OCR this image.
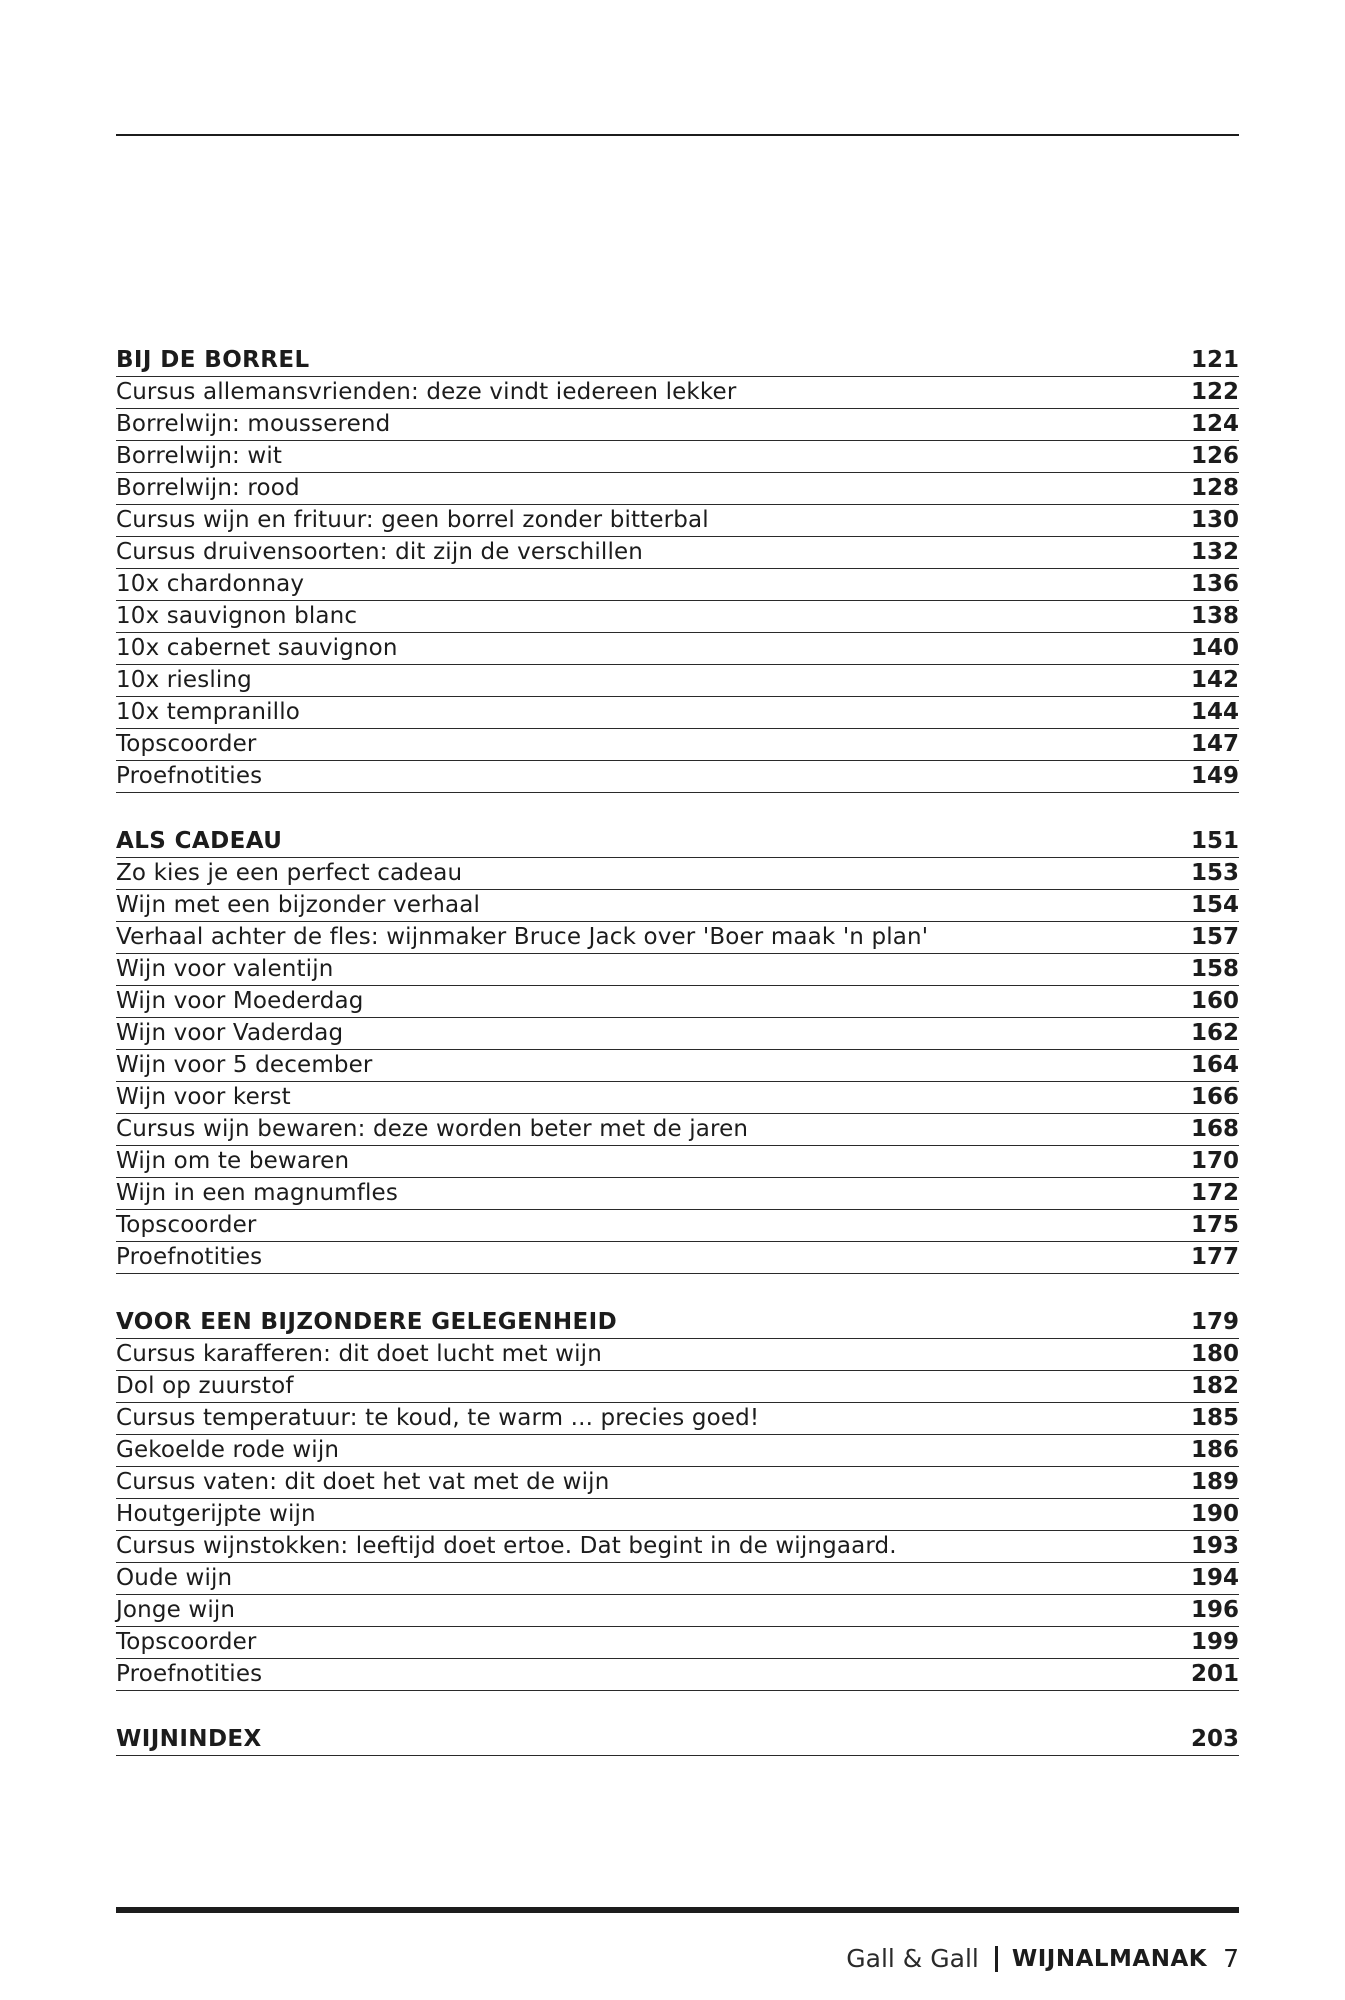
BIJ DE BORREL	121
Cursus allemansvrienden: deze vindt iedereen lekker	122
Borrelwijn: mousserend	124
Borrelwijn: wit	126
Borrelwijn: rood	128
Cursus wijn en frituur: geen borrel zonder bitterbal	130
Cursus druivensoorten: dit zijn de verschillen	132
10x chardonnay	136
10x sauvignon blanc	138
10x cabernet sauvignon	140
10x riesling	142
10x tempranillo	144
Topscoorder	147
Proefnotities	149
ALS CADEAU	151
Zo kies je een perfect cadeau	153
Wijn met een bijzonder verhaal	154
Verhaal achter de fles: wijnmaker Bruce Jack over 'Boer maak 'n plan'	157
Wijn voor valentijn	158
Wijn voor Moederdag	160
Wijn voor Vaderdag	162
Wijn voor 5 december	164
Wijn voor kerst	166
Cursus wijn bewaren: deze worden beter met de jaren	168
Wijn om te bewaren	170
Wijn in een magnumfles	172
Topscoorder	175
Proefnotities	177
VOOR EEN BIJZONDERE GELEGENHEID	179
Cursus karafferen: dit doet lucht met wijn	180
Dol op zuurstof	182
Cursus temperatuur: te koud, te warm ... precies goed!	185
Gekoelde rode wijn	186
Cursus vaten: dit doet het vat met de wijn	189
Houtgerijpte wijn	190
Cursus wijnstokken: leeftijd doet ertoe. Dat begint in de wijngaard.	193
Oude wijn	194
Jonge wijn	196
Topscoorder	199
Proefnotities	201
WIJNINDEX	203
Gall & Gall WIJNALMANAK 7
